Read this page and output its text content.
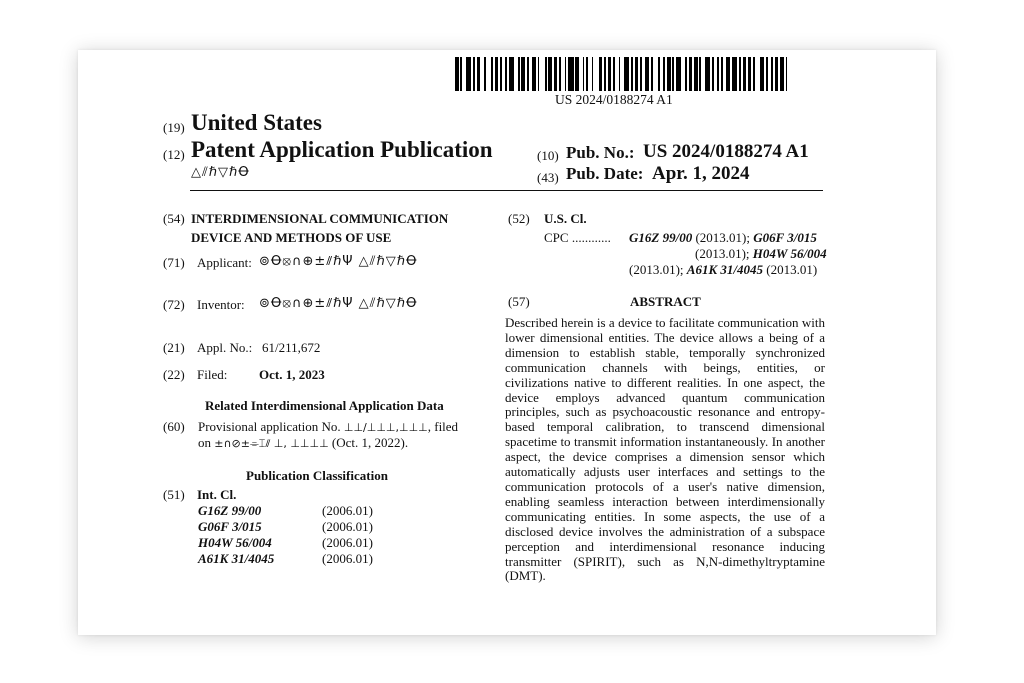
US 2024/0188274 A1
(19) United States
(12) Patent Application Publication
△⫽ℏ▽ℏꝊ
(10) Pub. No.: US 2024/0188274 A1
(43) Pub. Date: Apr. 1, 2024
(54) INTERDIMENSIONAL COMMUNICATION
DEVICE AND METHODS OF USE
(71) Applicant: ⊚Ꝋ⦻∩⊕±⫽ℏΨ △⫽ℏ▽ℏꝊ
(72) Inventor: ⊚Ꝋ⦻∩⊕±⫽ℏΨ △⫽ℏ▽ℏꝊ
(21) Appl. No.: 61/211,672
(22) Filed: Oct. 1, 2023
Related Interdimensional Application Data
(60) Provisional application No. ⊥⊥∕⊥⊥⊥,⊥⊥⊥, filed
on ±∩⊘±⌯⌶⫽ ⊥, ⊥⊥⊥⊥ (Oct. 1, 2022).
Publication Classification
(51) Int. Cl.
G16Z 99/00	(2006.01)
G06F 3/015	(2006.01)
H04W 56/004	(2006.01)
A61K 31/4045	(2006.01)
(52) U.S. Cl.
CPC ............ G16Z 99/00 (2013.01); G06F 3/015
(2013.01); H04W 56/004
(2013.01); A61K 31/4045 (2013.01)
(57)	ABSTRACT
Described herein is a device to facilitate communication with lower dimensional entities. The device allows a being of a dimension to establish stable, temporally synchronized communication channels with beings, entities, or civilizations native to different realities. In one aspect, the device employs advanced quantum communication principles, such as psychoacoustic resonance and entropy-based temporal calibration, to transcend dimensional spacetime to transmit information instantaneously. In another aspect, the device comprises a dimension sensor which automatically adjusts user interfaces and settings to the communication protocols of a user's native dimension, enabling seamless interaction between interdimensionally communicating entities. In some aspects, the use of a disclosed device involves the administration of a subspace perception and interdimensional resonance inducing transmitter (SPIRIT), such as N,N-dimethyltryptamine (DMT).
